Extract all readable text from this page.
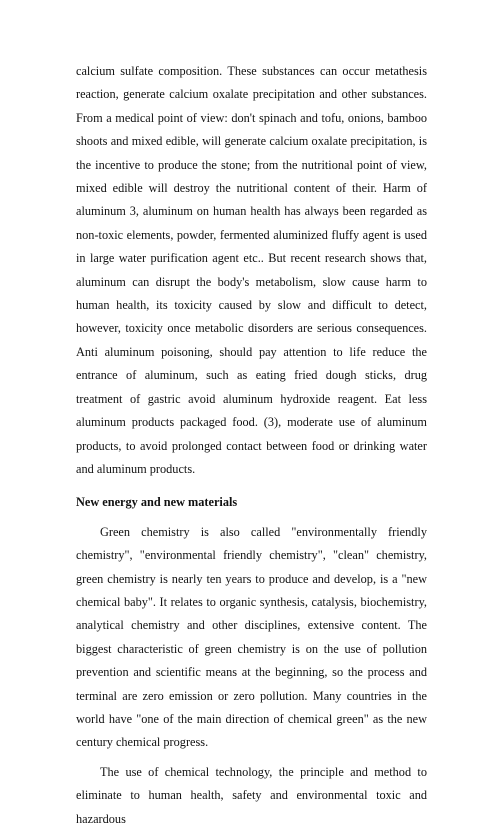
calcium sulfate composition. These substances can occur metathesis reaction, generate calcium oxalate precipitation and other substances. From a medical point of view: don't spinach and tofu, onions, bamboo shoots and mixed edible, will generate calcium oxalate precipitation, is the incentive to produce the stone; from the nutritional point of view, mixed edible will destroy the nutritional content of their. Harm of aluminum 3, aluminum on human health has always been regarded as non-toxic elements, powder, fermented aluminized fluffy agent is used in large water purification agent etc.. But recent research shows that, aluminum can disrupt the body's metabolism, slow cause harm to human health, its toxicity caused by slow and difficult to detect, however, toxicity once metabolic disorders are serious consequences. Anti aluminum poisoning, should pay attention to life reduce the entrance of aluminum, such as eating fried dough sticks, drug treatment of gastric avoid aluminum hydroxide reagent. Eat less aluminum products packaged food. (3), moderate use of aluminum products, to avoid prolonged contact between food or drinking water and aluminum products.

New energy and new materials

Green chemistry is also called "environmentally friendly chemistry", "environmental friendly chemistry", "clean" chemistry, green chemistry is nearly ten years to produce and develop, is a "new chemical baby". It relates to organic synthesis, catalysis, biochemistry, analytical chemistry and other disciplines, extensive content. The biggest characteristic of green chemistry is on the use of pollution prevention and scientific means at the beginning, so the process and terminal are zero emission or zero pollution. Many countries in the world have "one of the main direction of chemical green" as the new century chemical progress.

The use of chemical technology, the principle and method to eliminate to human health, safety and environmental toxic and hazardous
